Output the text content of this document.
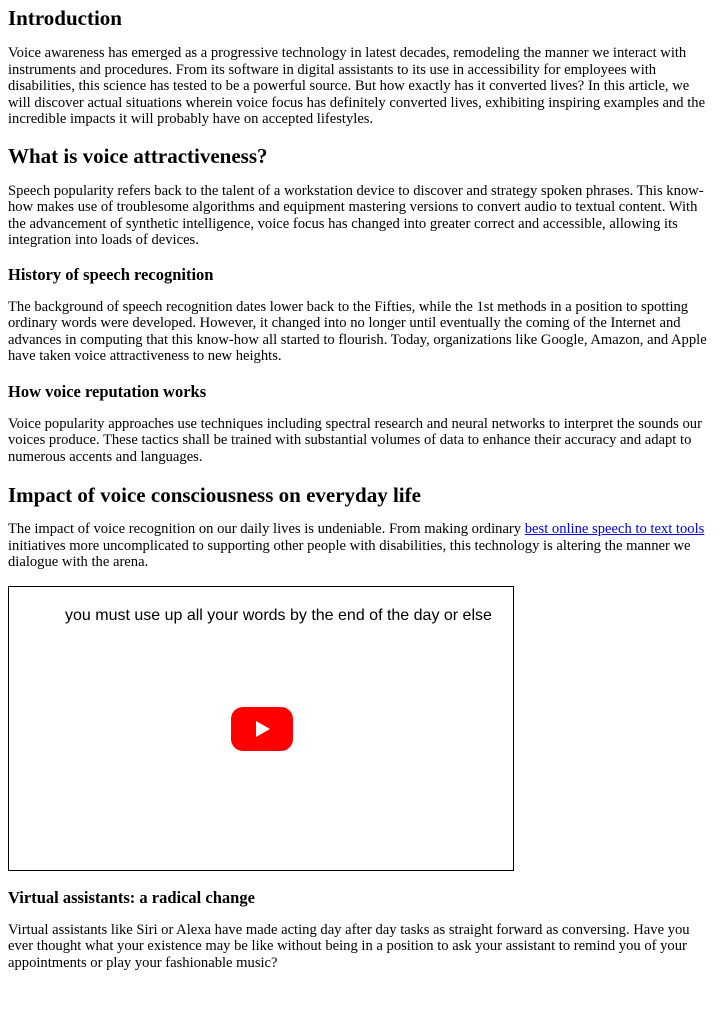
Introduction

Voice awareness has emerged as a progressive technology in latest decades, remodeling the manner we interact with instruments and procedures. From its software in digital assistants to its use in accessibility for employees with disabilities, this science has tested to be a powerful source. But how exactly has it converted lives? In this article, we will discover actual situations wherein voice focus has definitely converted lives, exhibiting inspiring examples and the incredible impacts it will probably have on accepted lifestyles.

What is voice attractiveness?

Speech popularity refers back to the talent of a workstation device to discover and strategy spoken phrases. This know-how makes use of troublesome algorithms and equipment mastering versions to convert audio to textual content. With the advancement of synthetic intelligence, voice focus has changed into greater correct and accessible, allowing its integration into loads of devices.

History of speech recognition

The background of speech recognition dates lower back to the Fifties, while the 1st methods in a position to spotting ordinary words were developed. However, it changed into no longer until eventually the coming of the Internet and advances in computing that this know-how all started to flourish. Today, organizations like Google, Amazon, and Apple have taken voice attractiveness to new heights.

How voice reputation works

Voice popularity approaches use techniques including spectral research and neural networks to interpret the sounds our voices produce. These tactics shall be trained with substantial volumes of data to enhance their accuracy and adapt to numerous accents and languages.

Impact of voice consciousness on everyday life

The impact of voice recognition on our daily lives is undeniable. From making ordinary best online speech to text tools initiatives more uncomplicated to supporting other people with disabilities, this technology is altering the manner we dialogue with the arena.

you must use up all your words by the end of the day or else
Virtual assistants: a radical change

Virtual assistants like Siri or Alexa have made acting day after day tasks as straight forward as conversing. Have you ever thought what your existence may be like without being in a position to ask your assistant to remind you of your appointments or play your fashionable music?
